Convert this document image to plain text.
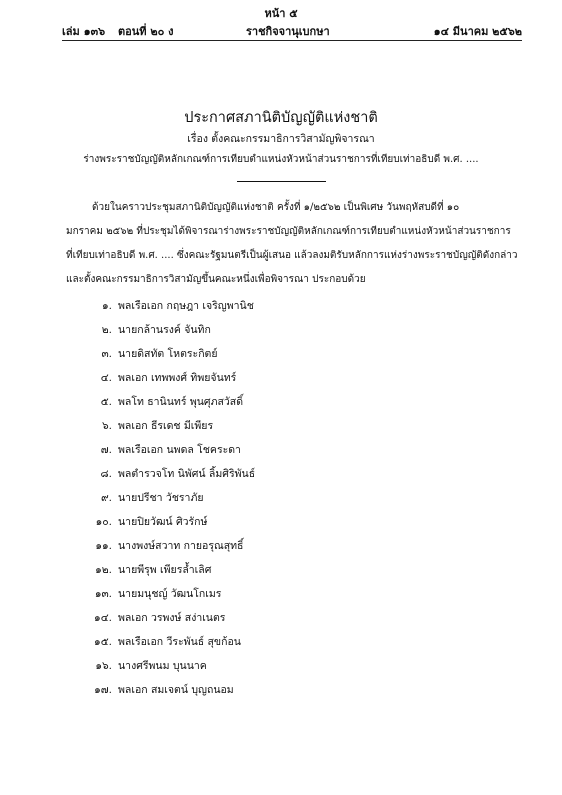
หน้า ๕
เล่ม ๑๓๖ ตอนที่ ๒๐ ง	ราชกิจจานุเบกษา	๑๔ มีนาคม ๒๕๖๒
ประกาศสภานิติบัญญัติแห่งชาติ
เรื่อง ตั้งคณะกรรมาธิการวิสามัญพิจารณา
ร่างพระราชบัญญัติหลักเกณฑ์การเทียบตำแหน่งหัวหน้าส่วนราชการที่เทียบเท่าอธิบดี พ.ศ. ....
ด้วยในคราวประชุมสภานิติบัญญัติแห่งชาติ ครั้งที่ ๑/๒๕๖๒ เป็นพิเศษ วันพฤหัสบดีที่ ๑๐
มกราคม ๒๕๖๒ ที่ประชุมได้พิจารณาร่างพระราชบัญญัติหลักเกณฑ์การเทียบตำแหน่งหัวหน้าส่วนราชการ
ที่เทียบเท่าอธิบดี พ.ศ. .... ซึ่งคณะรัฐมนตรีเป็นผู้เสนอ แล้วลงมติรับหลักการแห่งร่างพระราชบัญญัติดังกล่าว
และตั้งคณะกรรมาธิการวิสามัญขึ้นคณะหนึ่งเพื่อพิจารณา ประกอบด้วย
๑. พลเรือเอก กฤษฎา เจริญพานิช
๒. นายกล้านรงค์ จันทิก
๓. นายดิสทัต โหตระกิตย์
๔. พลเอก เทพพงศ์ ทิพยจันทร์
๕. พลโท ธานินทร์ พุนศุภสวัสดิ์
๖. พลเอก ธีรเดช มีเพียร
๗. พลเรือเอก นพดล โชคระดา
๘. พลตำรวจโท นิพัศน์ ลิ้มศิริพันธ์
๙. นายปรีชา วัชราภัย
๑๐. นายปิยวัฒน์ ศิวรักษ์
๑๑. นางพงษ์สวาท กายอรุณสุทธิ์
๑๒. นายพีรุพ เพียรล้ำเลิศ
๑๓. นายมนุชญ์ วัฒนโกเมร
๑๔. พลเอก วรพงษ์ สง่าเนตร
๑๕. พลเรือเอก วีระพันธ์ สุขก้อน
๑๖. นางศรีพนม บุนนาค
๑๗. พลเอก สมเจตน์ บุญถนอม
